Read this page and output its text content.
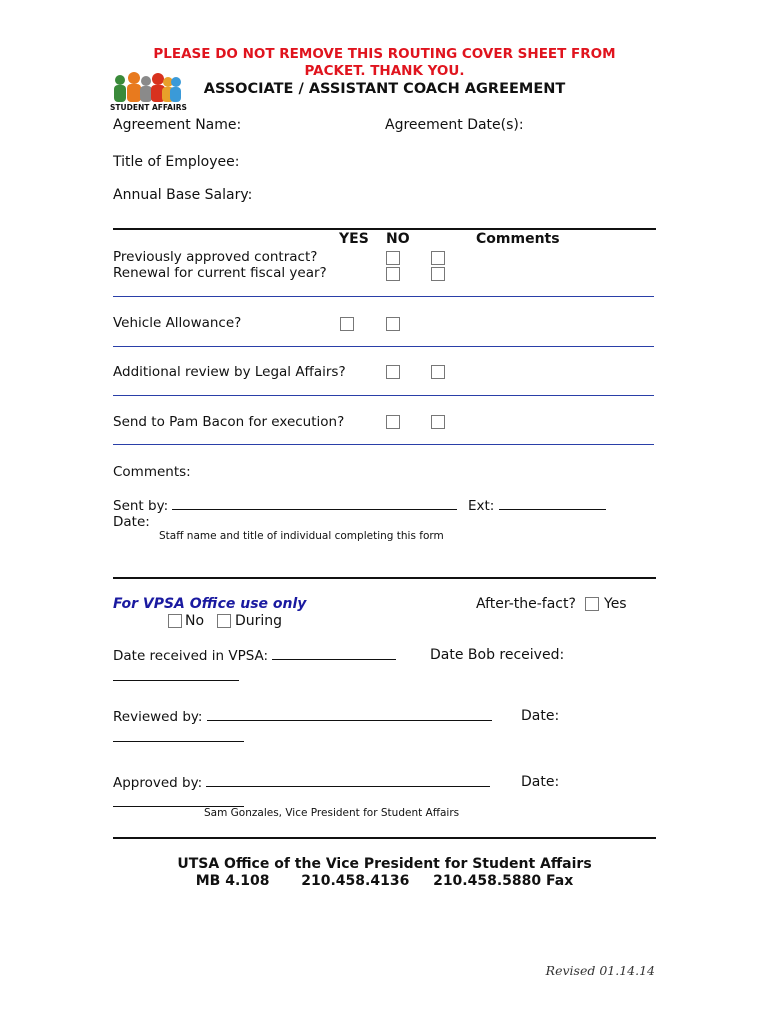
PLEASE DO NOT REMOVE THIS ROUTING COVER SHEET FROM
PACKET. THANK YOU.
STUDENT AFFAIRS
ASSOCIATE / ASSISTANT COACH AGREEMENT
Agreement Name:	Agreement Date(s):
Title of Employee:
Annual Base Salary:
YES NO	Comments
Previously approved contract?
Renewal for current fiscal year?
Vehicle Allowance?
Additional review by Legal Affairs?
Send to Pam Bacon for execution?
Comments:
Sent by:	Ext:
Date:
Staff name and title of individual completing this form
For VPSA Office use only	After-the-fact? Yes
No During
Date received in VPSA:	Date Bob received:
Reviewed by:	Date:
Approved by:	Date:
Sam Gonzales, Vice President for Student Affairs
UTSA Office of the Vice President for Student Affairs
MB 4.108 210.458.4136 210.458.5880 Fax
Revised 01.14.14
